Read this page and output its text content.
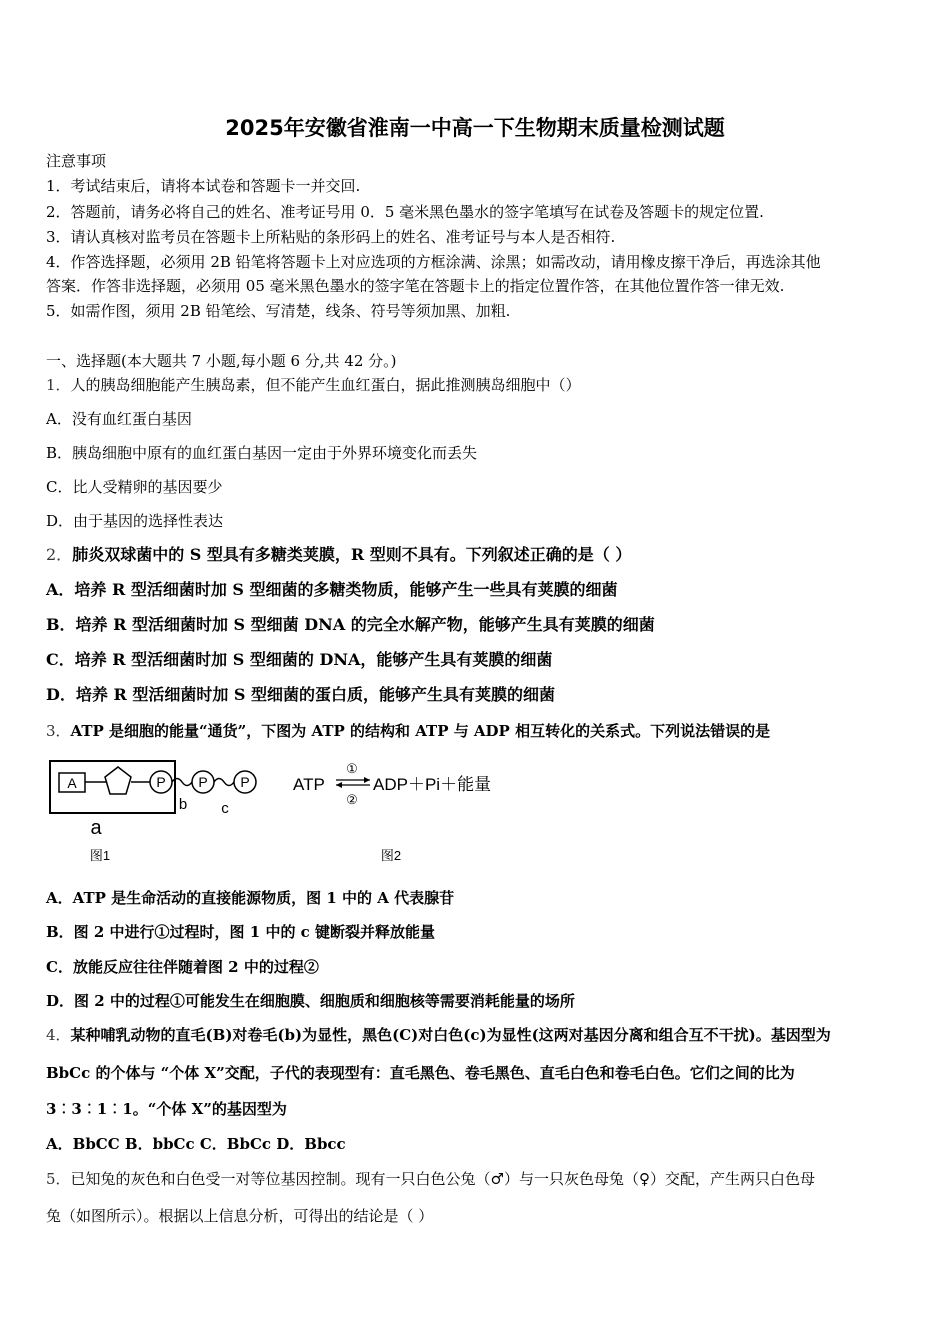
2025年安徽省淮南一中高一下生物期末质量检测试题
注意事项
1．考试结束后，请将本试卷和答题卡一并交回.
2．答题前，请务必将自己的姓名、准考证号用 0．5 毫米黑色墨水的签字笔填写在试卷及答题卡的规定位置.
3．请认真核对监考员在答题卡上所粘贴的条形码上的姓名、准考证号与本人是否相符.
4．作答选择题，必须用 2B 铅笔将答题卡上对应选项的方框涂满、涂黑；如需改动，请用橡皮擦干净后，再选涂其他
答案．作答非选择题，必须用 05 毫米黑色墨水的签字笔在答题卡上的指定位置作答，在其他位置作答一律无效.
5．如需作图，须用 2B 铅笔绘、写清楚，线条、符号等须加黑、加粗.
一、选择题(本大题共 7 小题,每小题 6 分,共 42 分。)
1．人的胰岛细胞能产生胰岛素，但不能产生血红蛋白，据此推测胰岛细胞中（）
A．没有血红蛋白基因
B．胰岛细胞中原有的血红蛋白基因一定由于外界环境变化而丢失
C．比人受精卵的基因要少
D．由于基因的选择性表达
2．肺炎双球菌中的 S 型具有多糖类荚膜，R 型则不具有。下列叙述正确的是（ ）
A．培养 R 型活细菌时加 S 型细菌的多糖类物质，能够产生一些具有荚膜的细菌
B．培养 R 型活细菌时加 S 型细菌 DNA 的完全水解产物，能够产生具有荚膜的细菌
C．培养 R 型活细菌时加 S 型细菌的 DNA，能够产生具有荚膜的细菌
D．培养 R 型活细菌时加 S 型细菌的蛋白质，能够产生具有荚膜的细菌
3．ATP 是细胞的能量“通货”，下图为 ATP 的结构和 ATP 与 ADP 相互转化的关系式。下列说法错误的是
A	P
b
P
c
P
a
图1
ATP
①
②
ADP＋Pi＋能量
图2
A．ATP 是生命活动的直接能源物质，图 1 中的 A 代表腺苷
B．图 2 中进行①过程时，图 1 中的 c 键断裂并释放能量
C．放能反应往往伴随着图 2 中的过程②
D．图 2 中的过程①可能发生在细胞膜、细胞质和细胞核等需要消耗能量的场所
4．某种哺乳动物的直毛(B)对卷毛(b)为显性，黑色(C)对白色(c)为显性(这两对基因分离和组合互不干扰)。基因型为
BbCc 的个体与 “个体 X”交配，子代的表现型有：直毛黑色、卷毛黑色、直毛白色和卷毛白色。它们之间的比为
3︰3︰1︰1。“个体 X”的基因型为
A．BbCC B．bbCc C．BbCc D．Bbcc
5．已知兔的灰色和白色受一对等位基因控制。现有一只白色公兔（♂）与一只灰色母兔（♀）交配，产生两只白色母
兔（如图所示）。根据以上信息分析，可得出的结论是（ ）
